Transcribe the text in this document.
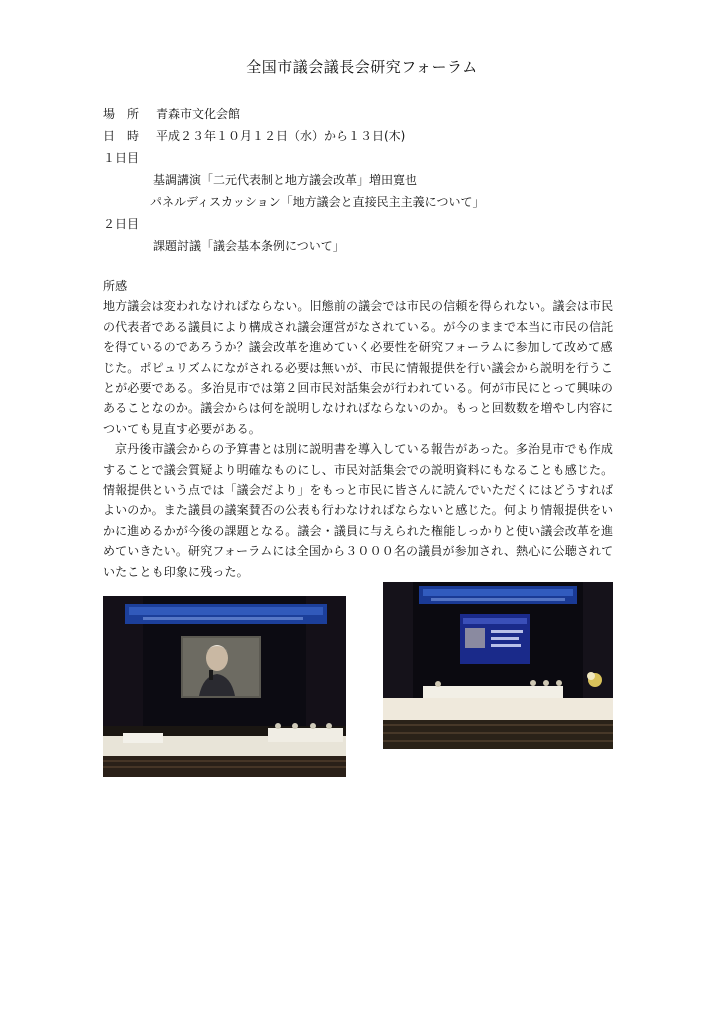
全国市議会議長会研究フォーラム
場　所 青森市文化会館
日　時 平成２３年１０月１２日（水）から１３日(木)
１日目
基調講演「二元代表制と地方議会改革」増田寛也
パネルディスカッション「地方議会と直接民主主義について」
２日目
課題討議「議会基本条例について」
所感

地方議会は変われなければならない。旧態前の議会では市民の信頼を得られない。議会は市民の代表者である議員により構成され議会運営がなされている。が今のままで本当に市民の信託を得ているのであろうか？議会改革を進めていく必要性を研究フォーラムに参加して改めて感じた。ポピュリズムにながされる必要は無いが、市民に情報提供を行い議会から説明を行うことが必要である。多治見市では第２回市民対話集会が行われている。何が市民にとって興味のあることなのか。議会からは何を説明しなければならないのか。もっと回数数を増やし内容についても見直す必要がある。

京丹後市議会からの予算書とは別に説明書を導入している報告があった。多治見市でも作成することで議会質疑より明確なものにし、市民対話集会での説明資料にもなることも感じた。情報提供という点では「議会だより」をもっと市民に皆さんに読んでいただくにはどうすればよいのか。また議員の議案賛否の公表も行わなければならないと感じた。何より情報提供をいかに進めるかが今後の課題となる。議会・議員に与えられた権能しっかりと使い議会改革を進めていきたい。研究フォーラムには全国から３０００名の議員が参加され、熱心に公聴されていたことも印象に残った。
